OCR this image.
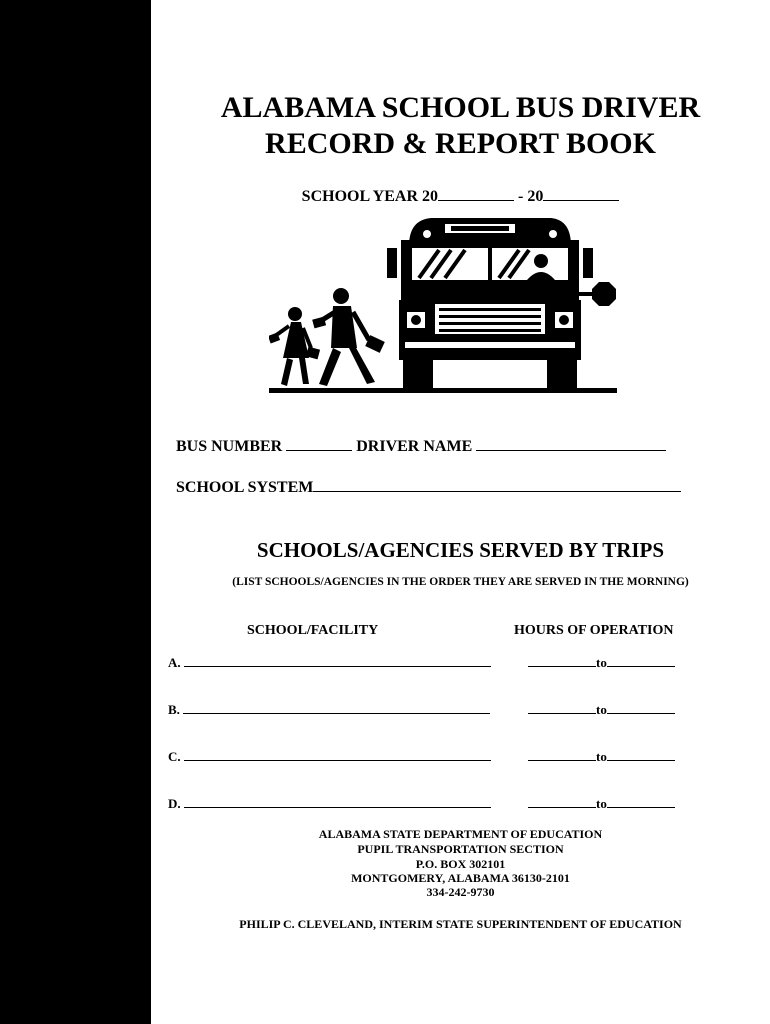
ALABAMA SCHOOL BUS DRIVER
RECORD & REPORT BOOK
SCHOOL YEAR 20	- 20
BUS NUMBER	DRIVER NAME
SCHOOL SYSTEM
SCHOOLS/AGENCIES SERVED BY TRIPS
(LIST SCHOOLS/AGENCIES IN THE ORDER THEY ARE SERVED IN THE MORNING)
SCHOOL/FACILITY	HOURS OF OPERATION
A.	to
B.	to
C.	to
D.	to
ALABAMA STATE DEPARTMENT OF EDUCATION
PUPIL TRANSPORTATION SECTION
P.O. BOX 302101
MONTGOMERY, ALABAMA 36130-2101
334-242-9730
PHILIP C. CLEVELAND, INTERIM STATE SUPERINTENDENT OF EDUCATION
